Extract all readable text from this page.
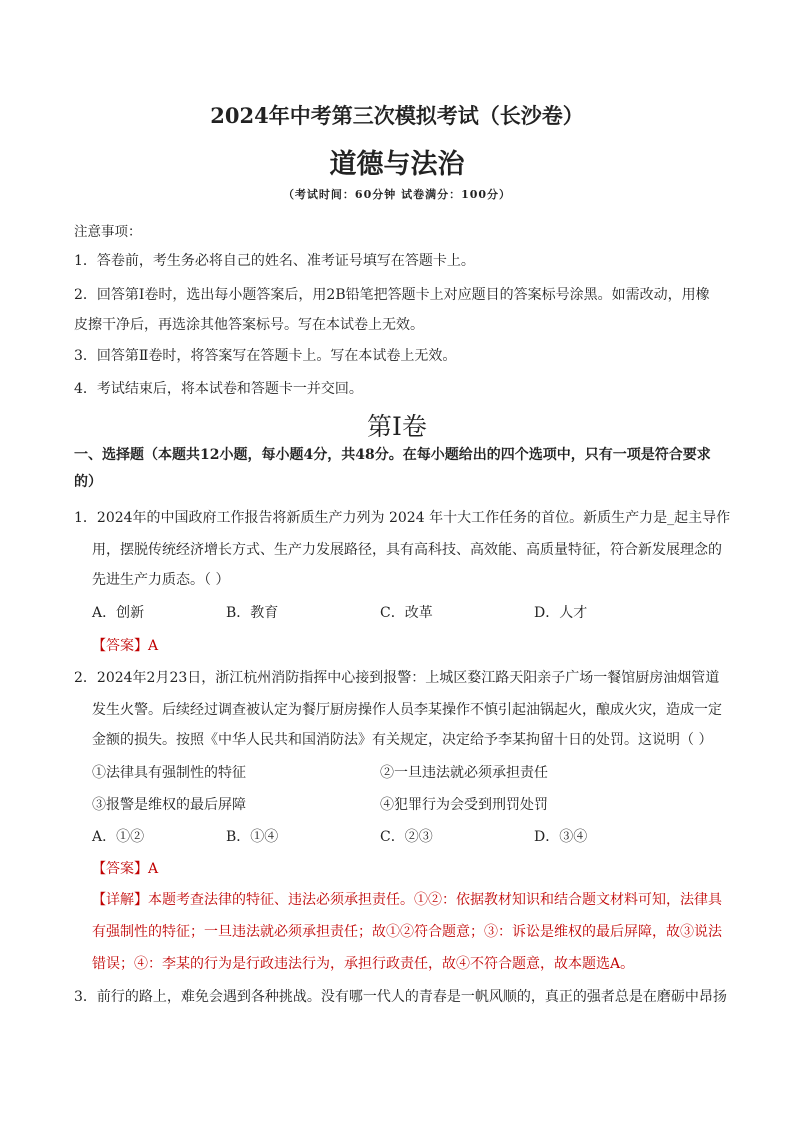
2024年中考第三次模拟考试（长沙卷）
道德与法治
（考试时间：60分钟 试卷满分：100分）
注意事项：
1．答卷前，考生务必将自己的姓名、准考证号填写在答题卡上。
2．回答第Ⅰ卷时，选出每小题答案后，用2B铅笔把答题卡上对应题目的答案标号涂黑。如需改动，用橡
皮擦干净后，再选涂其他答案标号。写在本试卷上无效。
3．回答第Ⅱ卷时，将答案写在答题卡上。写在本试卷上无效。
4．考试结束后，将本试卷和答题卡一并交回。
第Ⅰ卷
一、选择题（本题共12小题，每小题4分，共48分。在每小题给出的四个选项中，只有一项是符合要求
的）
1．2024年的中国政府工作报告将新质生产力列为 2024 年十大工作任务的首位。新质生产力是_起主导作
用，摆脱传统经济增长方式、生产力发展路径，具有高科技、高效能、高质量特征，符合新发展理念的
先进生产力质态。（ ）
A．创新	B．教育	C．改革	D．人才
【答案】A
2．2024年2月23日，浙江杭州消防指挥中心接到报警：上城区婺江路天阳亲子广场一餐馆厨房油烟管道
发生火警。后续经过调查被认定为餐厅厨房操作人员李某操作不慎引起油锅起火，酿成火灾，造成一定
金额的损失。按照《中华人民共和国消防法》有关规定，决定给予李某拘留十日的处罚。这说明（ ）
①法律具有强制性的特征	②一旦违法就必须承担责任
③报警是维权的最后屏障	④犯罪行为会受到刑罚处罚
A．①②	B．①④	C．②③	D．③④
【答案】A
【详解】本题考查法律的特征、违法必须承担责任。①②：依据教材知识和结合题文材料可知，法律具
有强制性的特征；一旦违法就必须承担责任；故①②符合题意；③：诉讼是维权的最后屏障，故③说法
错误；④：李某的行为是行政违法行为，承担行政责任，故④不符合题意，故本题选A。
3．前行的路上，难免会遇到各种挑战。没有哪一代人的青春是一帆风顺的，真正的强者总是在磨砺中昂扬
